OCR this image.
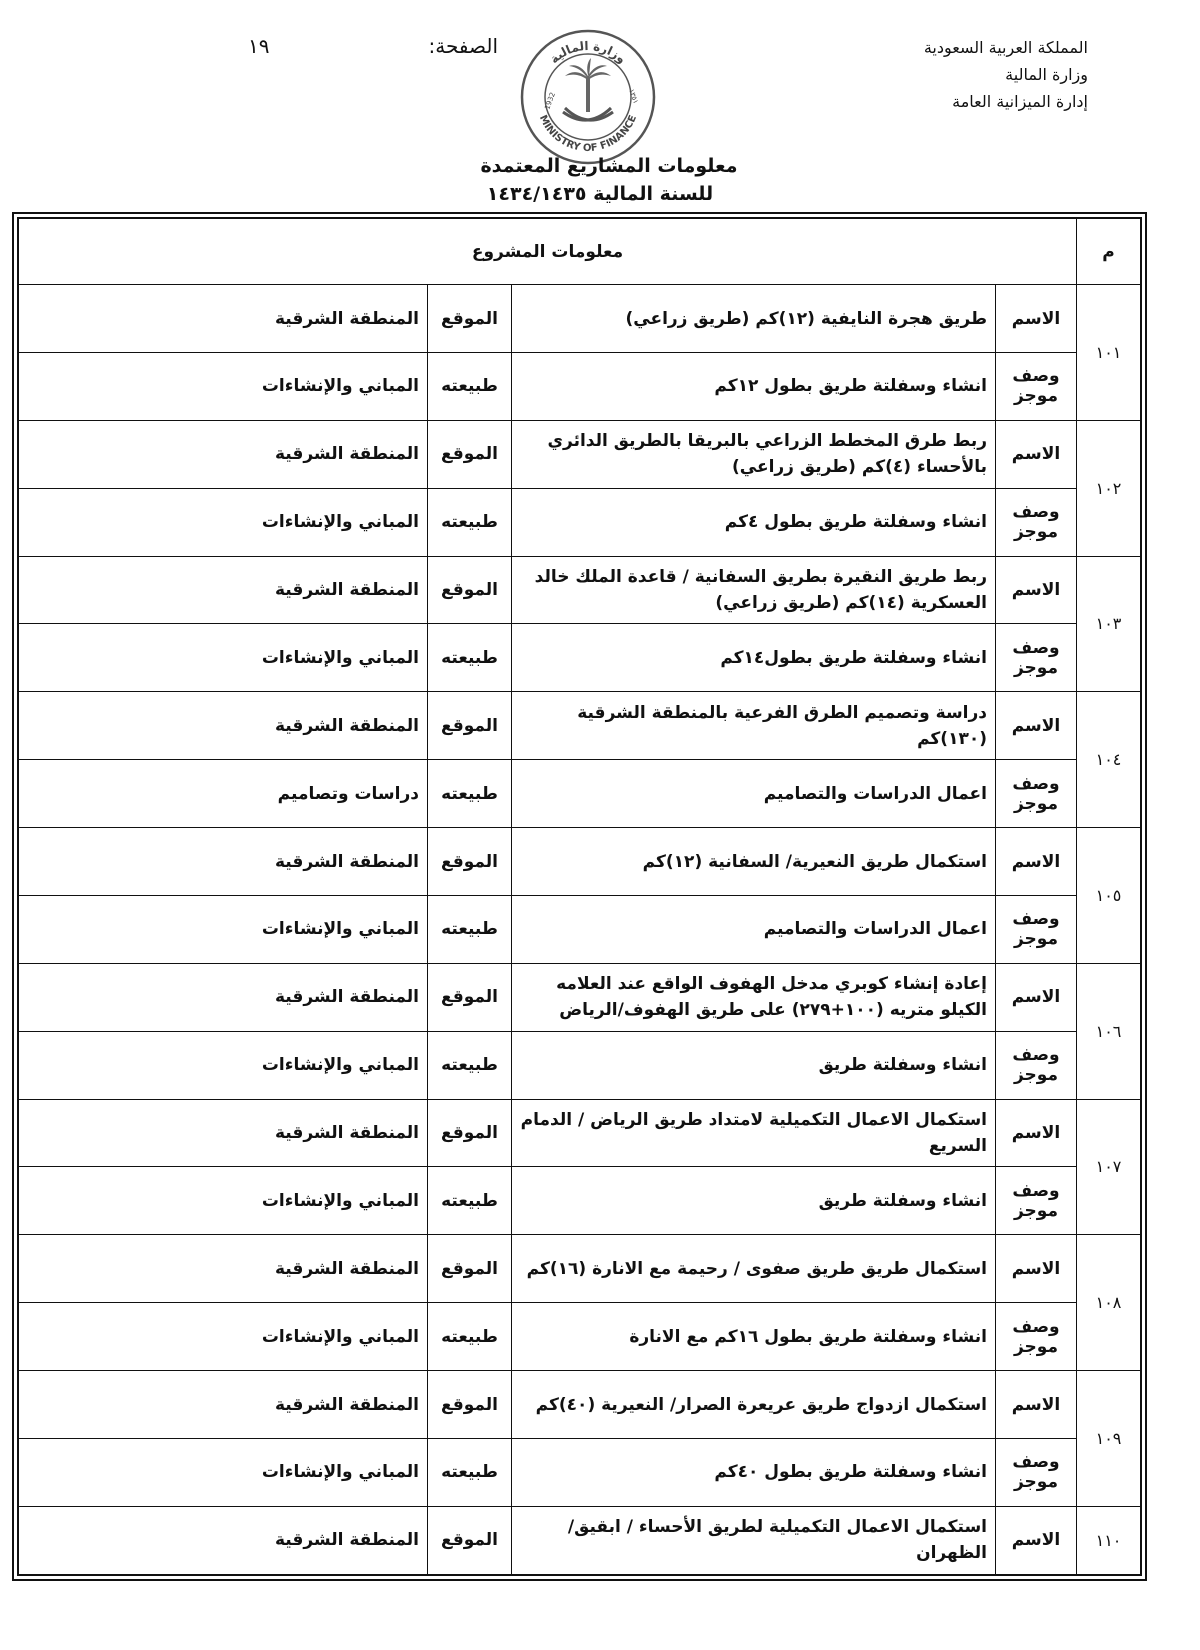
المملكة العربية السعودية
وزارة المالية
إدارة الميزانية العامة
الصفحة:
١٩
وزارة المالية
MINISTRY OF FINANCE
1932	١٣٥١
معلومات المشاريع المعتمدة
للسنة المالية ١٤٣٤/١٤٣٥
م	معلومات المشروع			
١٠١	الاسم	طريق هجرة النايفية (١٢)كم (طريق زراعي)	الموقع	المنطقة الشرقية
	وصف موجز	انشاء وسفلتة طريق بطول ١٢كم	طبيعته	المباني والإنشاءات
١٠٢	الاسم	ربط طرق المخطط الزراعي بالبريقا بالطريق الدائري بالأحساء (٤)كم (طريق زراعي)	الموقع	المنطقة الشرقية
	وصف موجز	انشاء وسفلتة طريق بطول ٤كم	طبيعته	المباني والإنشاءات
١٠٣	الاسم	ربط طريق النقيرة بطريق السفانية / قاعدة الملك خالد العسكرية (١٤)كم (طريق زراعي)	الموقع	المنطقة الشرقية
	وصف موجز	انشاء وسفلتة طريق بطول١٤كم	طبيعته	المباني والإنشاءات
١٠٤	الاسم	دراسة وتصميم الطرق الفرعية بالمنطقة الشرقية (١٣٠)كم	الموقع	المنطقة الشرقية
	وصف موجز	اعمال الدراسات والتصاميم	طبيعته	دراسات وتصاميم
١٠٥	الاسم	استكمال طريق النعيرية/ السفانية (١٢)كم	الموقع	المنطقة الشرقية
	وصف موجز	اعمال الدراسات والتصاميم	طبيعته	المباني والإنشاءات
١٠٦	الاسم	إعادة إنشاء كوبري مدخل الهفوف الواقع عند العلامه الكيلو متريه (١٠٠+٢٧٩) على طريق الهفوف/الرياض	الموقع	المنطقة الشرقية
	وصف موجز	انشاء وسفلتة طريق	طبيعته	المباني والإنشاءات
١٠٧	الاسم	استكمال الاعمال التكميلية لامتداد طريق الرياض / الدمام السريع	الموقع	المنطقة الشرقية
	وصف موجز	انشاء وسفلتة طريق	طبيعته	المباني والإنشاءات
١٠٨	الاسم	استكمال طريق طريق صفوى / رحيمة مع الانارة (١٦)كم	الموقع	المنطقة الشرقية
	وصف موجز	انشاء وسفلتة طريق بطول ١٦كم مع الانارة	طبيعته	المباني والإنشاءات
١٠٩	الاسم	استكمال ازدواج طريق عريعرة الصرار/ النعيرية (٤٠)كم	الموقع	المنطقة الشرقية
	وصف موجز	انشاء وسفلتة طريق بطول ٤٠كم	طبيعته	المباني والإنشاءات
١١٠	الاسم	استكمال الاعمال التكميلية لطريق الأحساء / ابقيق/ الظهران	الموقع	المنطقة الشرقية
